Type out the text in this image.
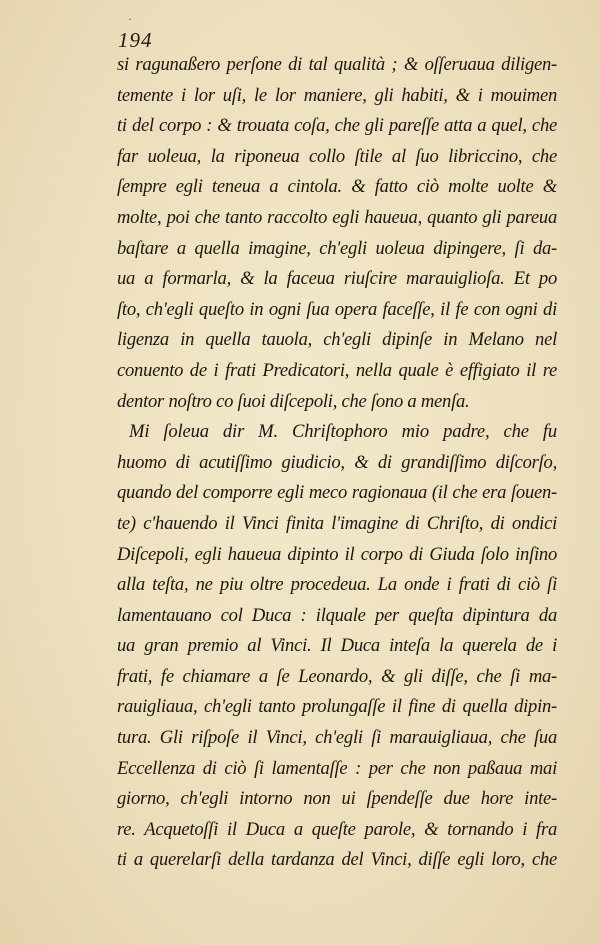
·
194
si ragunaßero perſone di tal qualità ; & oſſeruaua diligen-
temente i lor uſi, le lor maniere, gli habiti, & i mouimen
ti del corpo : & trouata coſa, che gli pareſſe atta a quel, che
far uoleua, la riponeua collo ſtile al ſuo libriccino, che
ſempre egli teneua a cintola. & fatto ciò molte uolte &
molte, poi che tanto raccolto egli haueua, quanto gli pareua
baſtare a quella imagine, ch'egli uoleua dipingere, ſi da-
ua a formarla, & la faceua riuſcire marauiglioſa. Et po
ſto, ch'egli queſto in ogni ſua opera faceſſe, il fe con ogni di
ligenza in quella tauola, ch'egli dipinſe in Melano nel
conuento de i frati Predicatori, nella quale è effigiato il re
dentor noſtro co ſuoi diſcepoli, che ſono a menſa.
Mi ſoleua dir M. Chriſtophoro mio padre, che fu
huomo di acutiſſimo giudicio, & di grandiſſimo diſcorſo,
quando del comporre egli meco ragionaua (il che era ſouen-
te) c'hauendo il Vinci finita l'imagine di Chriſto, di ondici
Diſcepoli, egli haueua dipinto il corpo di Giuda ſolo inſino
alla teſta, ne piu oltre procedeua. La onde i frati di ciò ſi
lamentauano col Duca : ilquale per queſta dipintura da
ua gran premio al Vinci. Il Duca inteſa la querela de i
frati, fe chiamare a ſe Leonardo, & gli diſſe, che ſi ma-
rauigliaua, ch'egli tanto prolungaſſe il fine di quella dipin-
tura. Gli riſpoſe il Vinci, ch'egli ſi marauigliaua, che ſua
Eccellenza di ciò ſi lamentaſſe : per che non paßaua mai
giorno, ch'egli intorno non ui ſpendeſſe due hore inte-
re. Acquetoſſi il Duca a queſte parole, & tornando i fra
ti a querelarſi della tardanza del Vinci, diſſe egli loro, che
